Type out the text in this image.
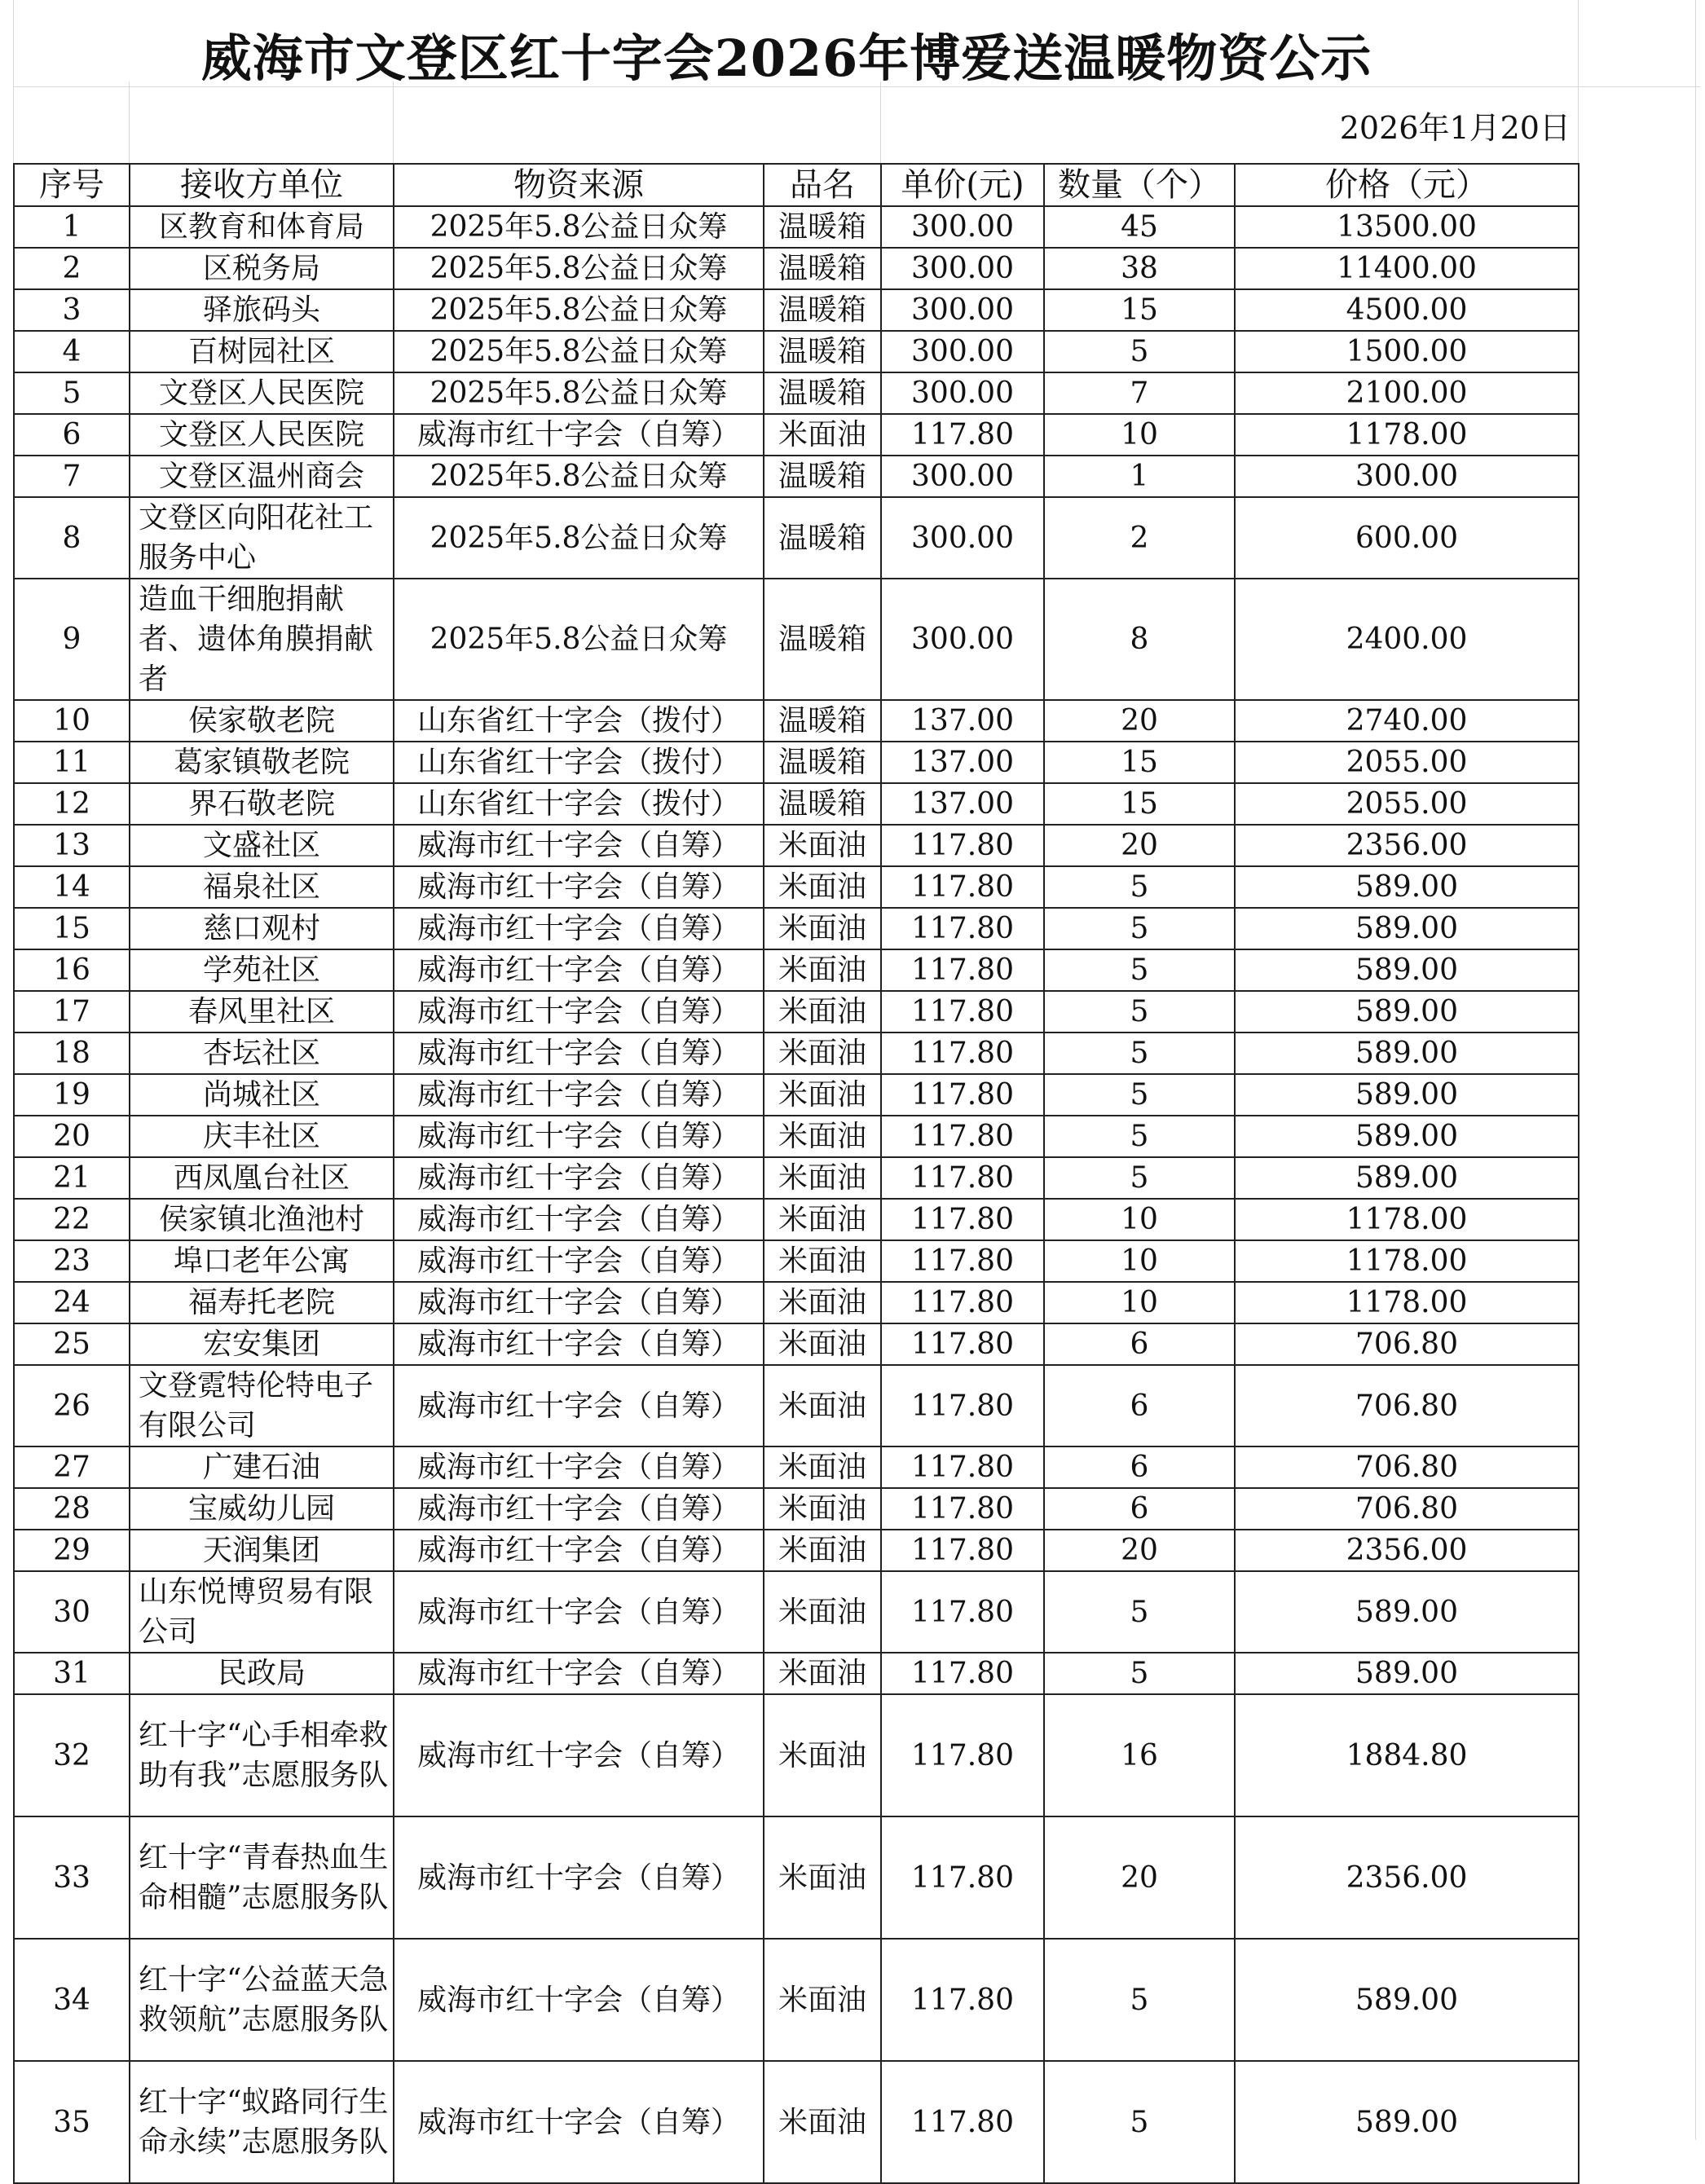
威海市文登区红十字会2026年博爱送温暖物资公示
2026年1月20日
序号	接收方单位	物资来源	品名	单价(元)	数量（个）	价格（元）
1	区教育和体育局	2025年5.8公益日众筹	温暖箱	300.00	45	13500.00
2	区税务局	2025年5.8公益日众筹	温暖箱	300.00	38	11400.00
3	驿旅码头	2025年5.8公益日众筹	温暖箱	300.00	15	4500.00
4	百树园社区	2025年5.8公益日众筹	温暖箱	300.00	5	1500.00
5	文登区人民医院	2025年5.8公益日众筹	温暖箱	300.00	7	2100.00
6	文登区人民医院	威海市红十字会（自筹）	米面油	117.80	10	1178.00
7	文登区温州商会	2025年5.8公益日众筹	温暖箱	300.00	1	300.00
8	文登区向阳花社工服务中心	2025年5.8公益日众筹	温暖箱	300.00	2	600.00
9	造血干细胞捐献者、遗体角膜捐献者	2025年5.8公益日众筹	温暖箱	300.00	8	2400.00
10	侯家敬老院	山东省红十字会（拨付）	温暖箱	137.00	20	2740.00
11	葛家镇敬老院	山东省红十字会（拨付）	温暖箱	137.00	15	2055.00
12	界石敬老院	山东省红十字会（拨付）	温暖箱	137.00	15	2055.00
13	文盛社区	威海市红十字会（自筹）	米面油	117.80	20	2356.00
14	福泉社区	威海市红十字会（自筹）	米面油	117.80	5	589.00
15	慈口观村	威海市红十字会（自筹）	米面油	117.80	5	589.00
16	学苑社区	威海市红十字会（自筹）	米面油	117.80	5	589.00
17	春风里社区	威海市红十字会（自筹）	米面油	117.80	5	589.00
18	杏坛社区	威海市红十字会（自筹）	米面油	117.80	5	589.00
19	尚城社区	威海市红十字会（自筹）	米面油	117.80	5	589.00
20	庆丰社区	威海市红十字会（自筹）	米面油	117.80	5	589.00
21	西凤凰台社区	威海市红十字会（自筹）	米面油	117.80	5	589.00
22	侯家镇北渔池村	威海市红十字会（自筹）	米面油	117.80	10	1178.00
23	埠口老年公寓	威海市红十字会（自筹）	米面油	117.80	10	1178.00
24	福寿托老院	威海市红十字会（自筹）	米面油	117.80	10	1178.00
25	宏安集团	威海市红十字会（自筹）	米面油	117.80	6	706.80
26	文登霓特伦特电子有限公司	威海市红十字会（自筹）	米面油	117.80	6	706.80
27	广建石油	威海市红十字会（自筹）	米面油	117.80	6	706.80
28	宝威幼儿园	威海市红十字会（自筹）	米面油	117.80	6	706.80
29	天润集团	威海市红十字会（自筹）	米面油	117.80	20	2356.00
30	山东悦博贸易有限公司	威海市红十字会（自筹）	米面油	117.80	5	589.00
31	民政局	威海市红十字会（自筹）	米面油	117.80	5	589.00
32	红十字“心手相牵救助有我”志愿服务队	威海市红十字会（自筹）	米面油	117.80	16	1884.80
33	红十字“青春热血生命相髓”志愿服务队	威海市红十字会（自筹）	米面油	117.80	20	2356.00
34	红十字“公益蓝天急救领航”志愿服务队	威海市红十字会（自筹）	米面油	117.80	5	589.00
35	红十字“蚁路同行生命永续”志愿服务队	威海市红十字会（自筹）	米面油	117.80	5	589.00
